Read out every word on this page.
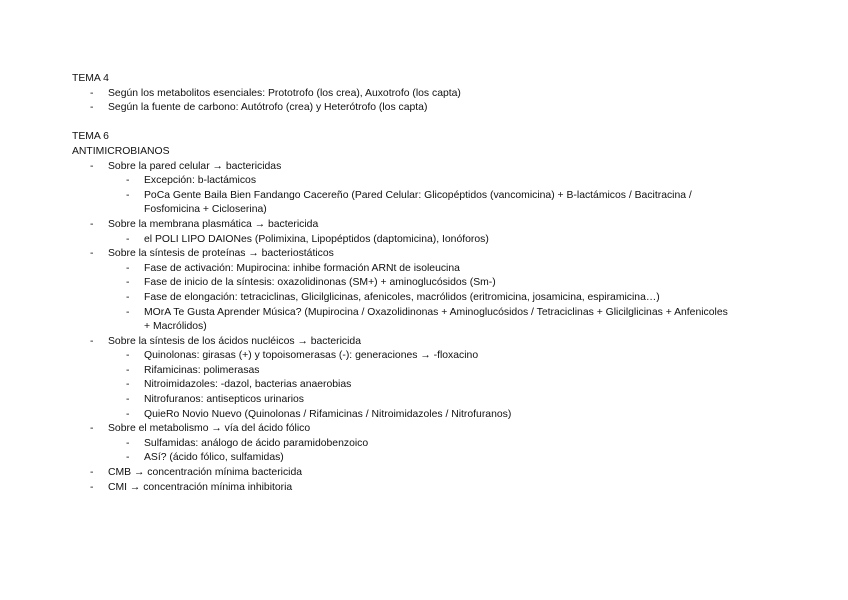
TEMA 4
-	Según los metabolitos esenciales: Prototrofo (los crea), Auxotrofo (los capta)
-	Según la fuente de carbono: Autótrofo (crea) y Heterótrofo (los capta)
TEMA 6
ANTIMICROBIANOS
-	Sobre la pared celular → bactericidas
-	Excepción: b-lactámicos
-	PoCa Gente Baila Bien Fandango Cacereño (Pared Celular: Glicopéptidos (vancomicina) + B-lactámicos / Bacitracina /
Fosfomicina + Cicloserina)
-	Sobre la membrana plasmática → bactericida
-	el POLI LIPO DAIONes (Polimixina, Lipopéptidos (daptomicina), Ionóforos)
-	Sobre la síntesis de proteínas → bacteriostáticos
-	Fase de activación: Mupirocina: inhibe formación ARNt de isoleucina
-	Fase de inicio de la síntesis: oxazolidinonas (SM+) + aminoglucósidos (Sm-)
-	Fase de elongación: tetraciclinas, Glicilglicinas, afenicoles, macrólidos (eritromicina, josamicina, espiramicina…)
-	MOrA Te Gusta Aprender Música? (Mupirocina / Oxazolidinonas + Aminoglucósidos / Tetraciclinas + Glicilglicinas + Anfenicoles
+ Macrólidos)
-	Sobre la síntesis de los ácidos nucléicos → bactericida
-	Quinolonas: girasas (+) y topoisomerasas (-): generaciones → -floxacino
-	Rifamicinas: polimerasas
-	Nitroimidazoles: -dazol, bacterias anaerobias
-	Nitrofuranos: antisepticos urinarios
-	QuieRo Novio Nuevo (Quinolonas / Rifamicinas / Nitroimidazoles / Nitrofuranos)
-	Sobre el metabolismo → vía del ácido fólico
-	Sulfamidas: análogo de ácido paramidobenzoico
-	ASí? (ácido fólico, sulfamidas)
-	CMB → concentración mínima bactericida
-	CMI → concentración mínima inhibitoria
